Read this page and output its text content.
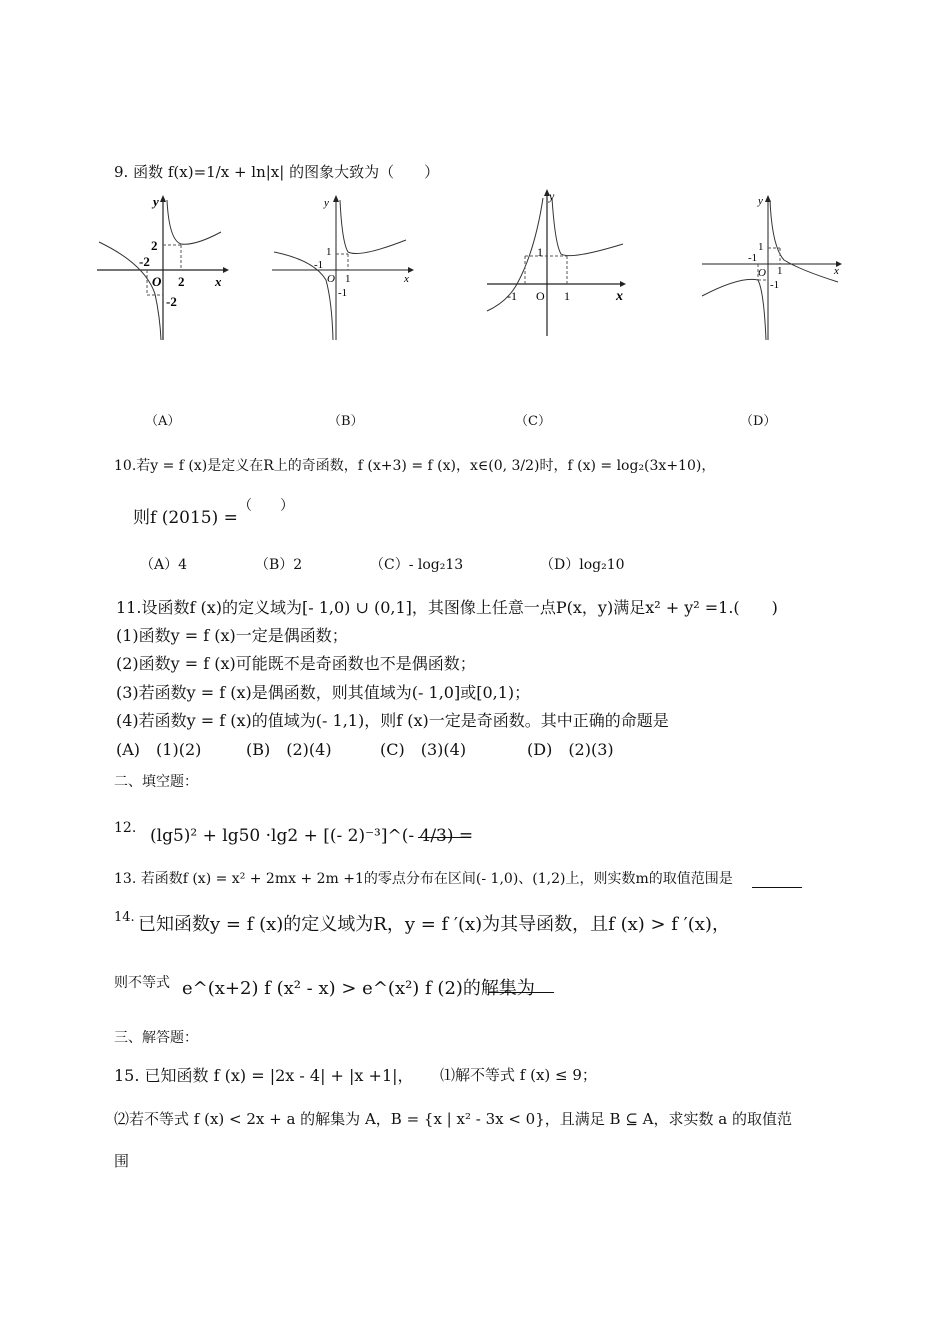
9. 函数 f(x)=1/x + ln|x| 的图象大致为（　　）
y
x
O
2
-2
2
-2
y
x
O
1
-1
1
-1
y
x
O
1
-1	1
y
x
O
1
-1
1
-1
（A）	（B）	（C）	（D）
10.若y = f (x)是定义在R上的奇函数，f (x+3) = f (x)，x∈(0, 3/2)时，f (x) = log₂(3x+10)，
则f (2015) =
（　　）
（A）4	（B）2	（C）- log₂13	（D）log₂10
11.设函数f (x)的定义域为[- 1,0) ∪ (0,1]，其图像上任意一点P(x，y)满足x² + y² =1.(　　)
(1)函数y = f (x)一定是偶函数；
(2)函数y = f (x)可能既不是奇函数也不是偶函数；
(3)若函数y = f (x)是偶函数，则其值域为(- 1,0]或[0,1)；
(4)若函数y = f (x)的值域为(- 1,1)，则f (x)一定是奇函数。其中正确的命题是
(A)　(1)(2)	(B)　(2)(4)	(C)　(3)(4)	(D)　(2)(3)
二、填空题：
12. (lg5)² + lg50 ·lg2 + [(- 2)⁻³]^(- 4/3) =
13. 若函数f (x) = x² + 2mx + 2m +1的零点分布在区间(- 1,0)、(1,2)上，则实数m的取值范围是
14. 已知函数y = f (x)的定义域为R，y = f ′(x)为其导函数，且f (x) > f ′(x)，
则不等式 e^(x+2) f (x² - x) > e^(x²) f (2)的解集为
三、解答题：
15. 已知函数 f (x) = |2x - 4| + |x +1|， ⑴解不等式 f (x) ≤ 9；
⑵若不等式 f (x) < 2x + a 的解集为 A，B = {x | x² - 3x < 0}，且满足 B ⊆ A，求实数 a 的取值范
围
